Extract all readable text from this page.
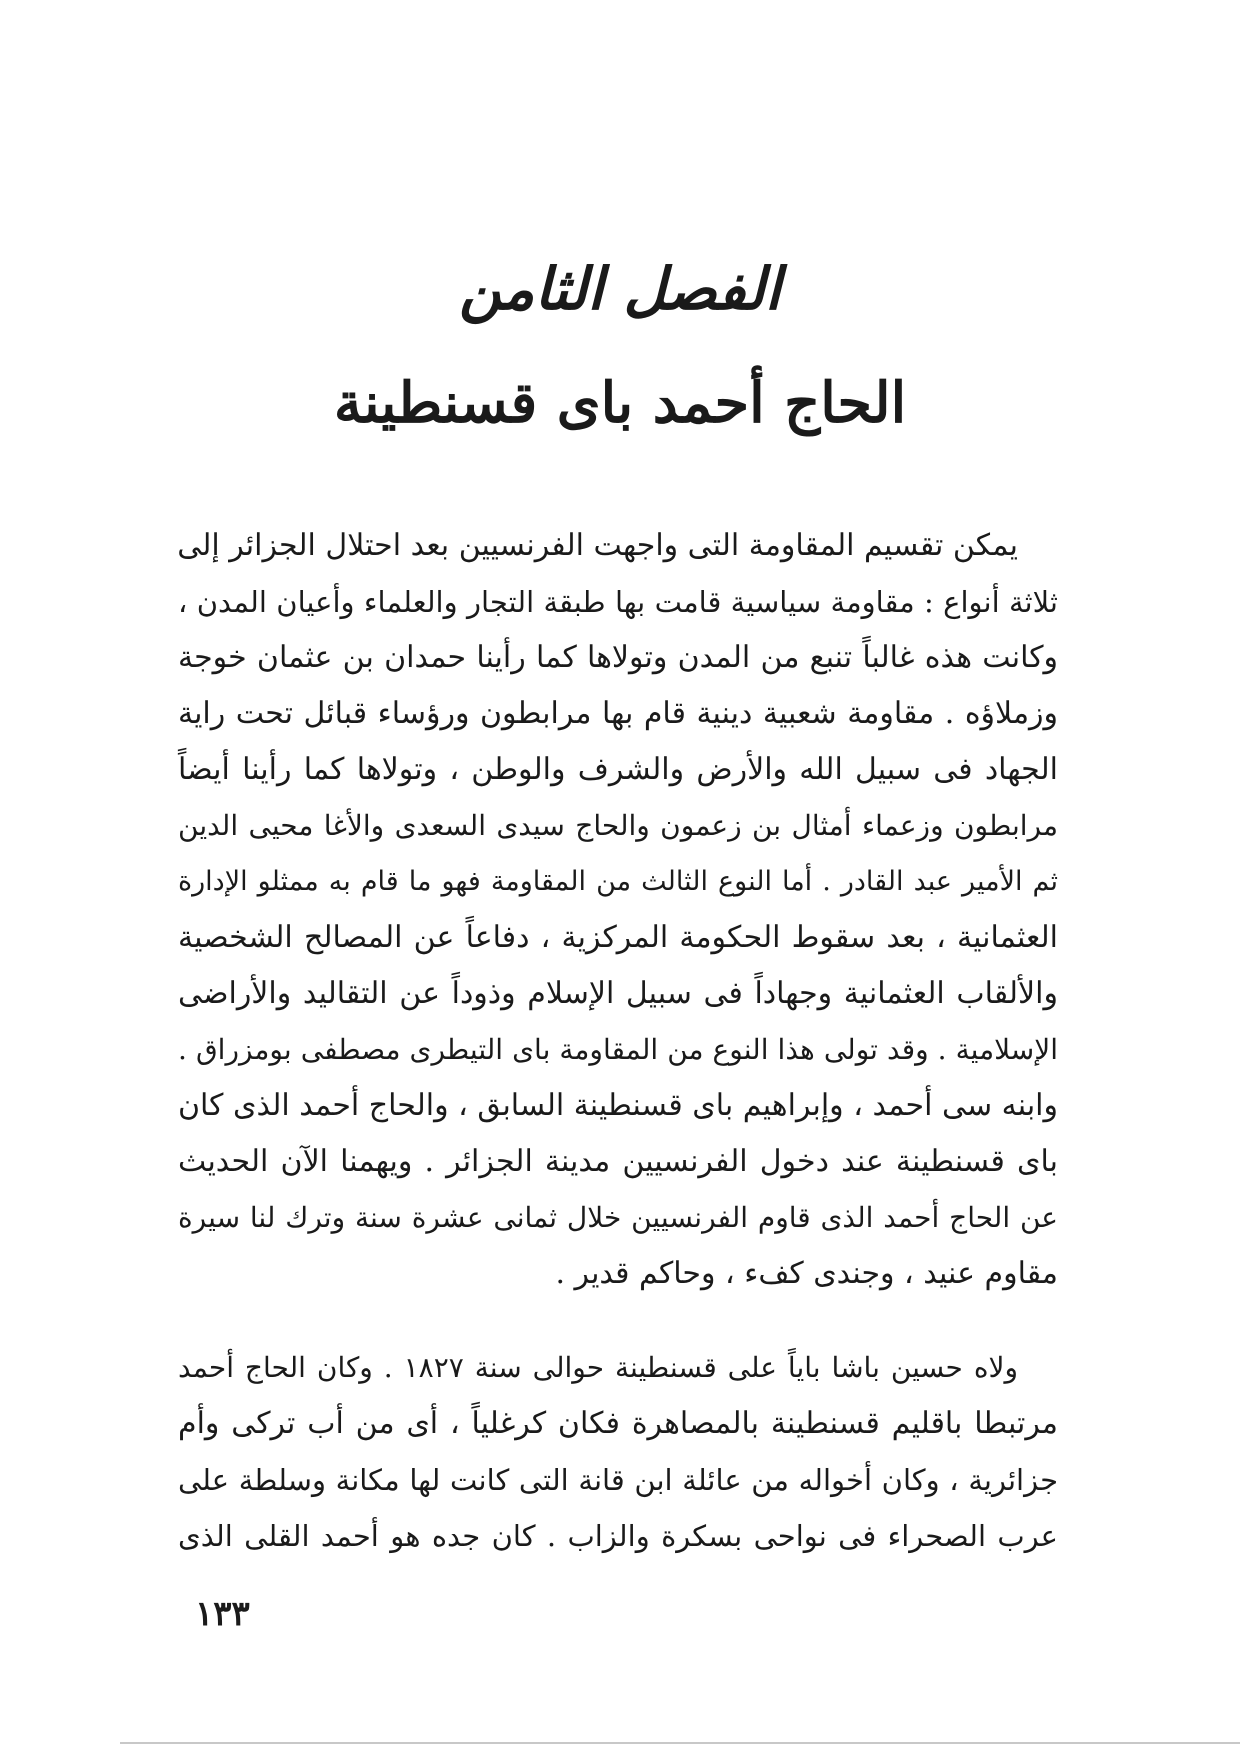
الفصل الثامن
الحاج أحمد باى قسنطينة
يمكن تقسيم المقاومة التى واجهت الفرنسيين بعد احتلال الجزائر إلى
ثلاثة أنواع : مقاومة سياسية قامت بها طبقة التجار والعلماء وأعيان المدن ،
وكانت هذه غالباً تنبع من المدن وتولاها كما رأينا حمدان بن عثمان خوجة
وزملاؤه . مقاومة شعبية دينية قام بها مرابطون ورؤساء قبائل تحت راية
الجهاد فى سبيل الله والأرض والشرف والوطن ، وتولاها كما رأينا أيضاً
مرابطون وزعماء أمثال بن زعمون والحاج سيدى السعدى والأغا محيى الدين
ثم الأمير عبد القادر . أما النوع الثالث من المقاومة فهو ما قام به ممثلو الإدارة
العثمانية ، بعد سقوط الحكومة المركزية ، دفاعاً عن المصالح الشخصية
والألقاب العثمانية وجهاداً فى سبيل الإسلام وذوداً عن التقاليد والأراضى
الإسلامية . وقد تولى هذا النوع من المقاومة باى التيطرى مصطفى بومزراق .
وابنه سى أحمد ، وإبراهيم باى قسنطينة السابق ، والحاج أحمد الذى كان
باى قسنطينة عند دخول الفرنسيين مدينة الجزائر . ويهمنا الآن الحديث
عن الحاج أحمد الذى قاوم الفرنسيين خلال ثمانى عشرة سنة وترك لنا سيرة
مقاوم عنيد ، وجندى كفء ، وحاكم قدير .
ولاه حسين باشا باياً على قسنطينة حوالى سنة ١٨٢٧ . وكان الحاج أحمد
مرتبطا باقليم قسنطينة بالمصاهرة فكان كرغلياً ، أى من أب تركى وأم
جزائرية ، وكان أخواله من عائلة ابن قانة التى كانت لها مكانة وسلطة على
عرب الصحراء فى نواحى بسكرة والزاب . كان جده هو أحمد القلى الذى
١٣٣
